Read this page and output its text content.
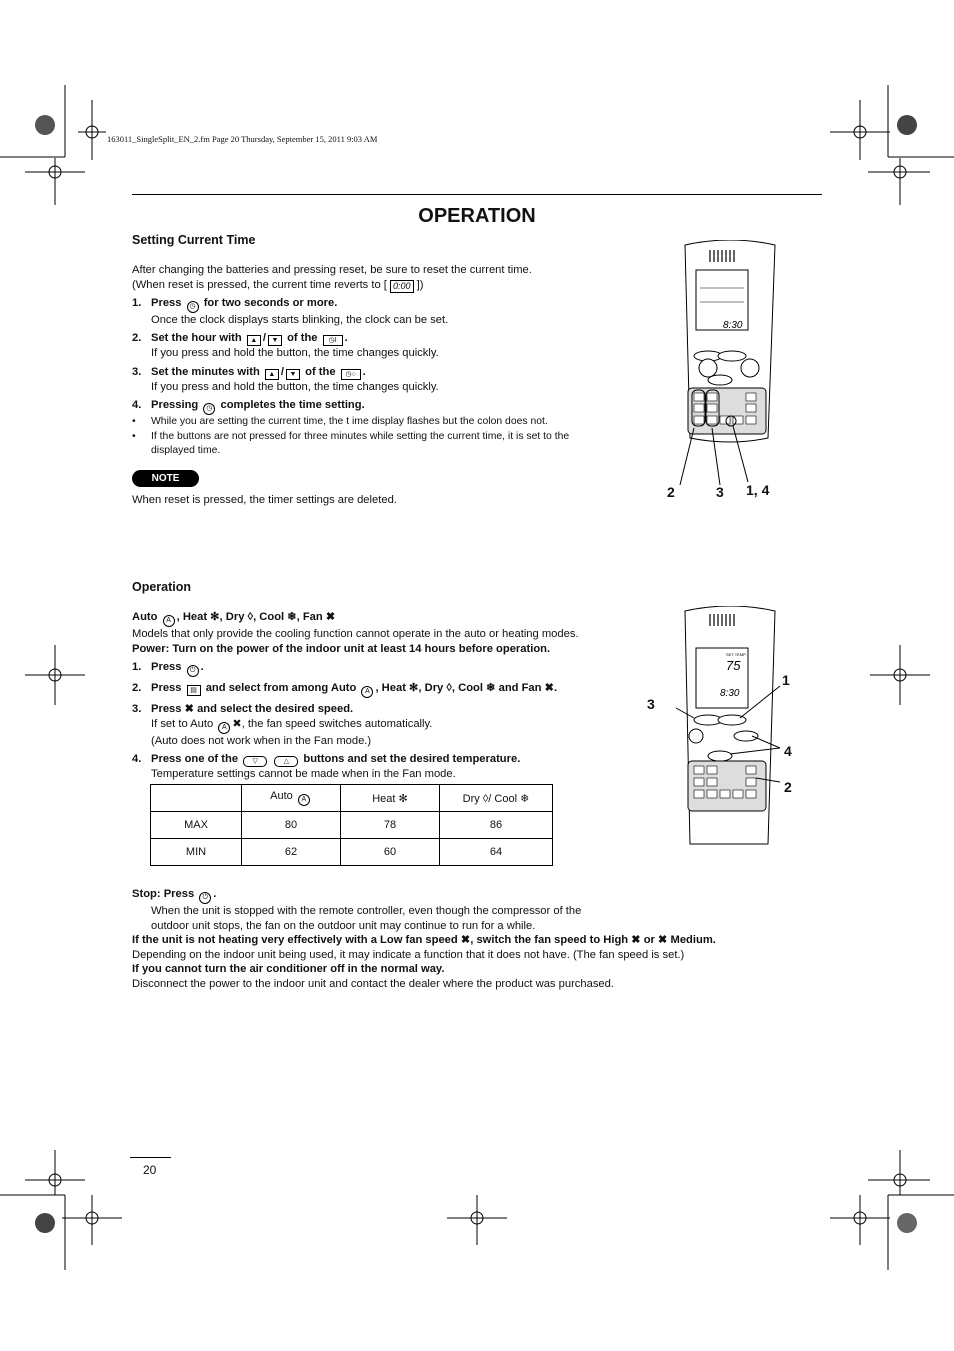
163011_SingleSplit_EN_2.fm Page 20 Thursday, September 15, 2011 9:03 AM
OPERATION
Setting Current Time
After changing the batteries and pressing reset, be sure to reset the current time.
(When reset is pressed, the current time reverts to [ 0:00 ])
1. Press ◷ for two seconds or more.
Once the clock displays starts blinking, the clock can be set.
2. Set the hour with ▲ / ▼ of the ◷I .
If you press and hold the button, the time changes quickly.
3. Set the minutes with ▲ / ▼ of the ◷○ .
If you press and hold the button, the time changes quickly.
4. Pressing ◷ completes the time setting.
• While you are setting the current time, the t ime display flashes but the colon does not.
• If the buttons are not pressed for three minutes while setting the current time, it is set to the displayed time.
NOTE
When reset is pressed, the timer settings are deleted.
8:30
2	3 1, 4
Operation
Auto A , Heat ✻, Dry ◊, Cool ❄, Fan ✖
Models that only provide the cooling function cannot operate in the auto or heating modes.
Power: Turn on the power of the indoor unit at least 14 hours before operation.
1. Press ⏻ .
2. Press ▤ and select from among Auto A , Heat ✻, Dry ◊, Cool ❄ and Fan ✖.
3. Press ✖ and select the desired speed.
If set to Auto A ✖, the fan speed switches automatically.
(Auto does not work when in the Fan mode.)
4. Press one of the ▽	△ buttons and set the desired temperature.
Temperature settings cannot be made when in the Fan mode.
	Auto A	Heat ✻	Dry ◊/ Cool ❄
MAX	80	78	86
MIN	62	60	64
Stop: Press ⏻ .
When the unit is stopped with the remote controller, even though the compressor of the
outdoor unit stops, the fan on the outdoor unit may continue to run for a while.
If the unit is not heating very effectively with a Low fan speed ✖, switch the fan speed to High ✖ or ✖ Medium.
Depending on the indoor unit being used, it may indicate a function that it does not have. (The fan speed is set.)
If you cannot turn the air conditioner off in the normal way.
Disconnect the power to the indoor unit and contact the dealer where the product was purchased.
SET TEMP.
75
8:30
1
3
4
2
20
